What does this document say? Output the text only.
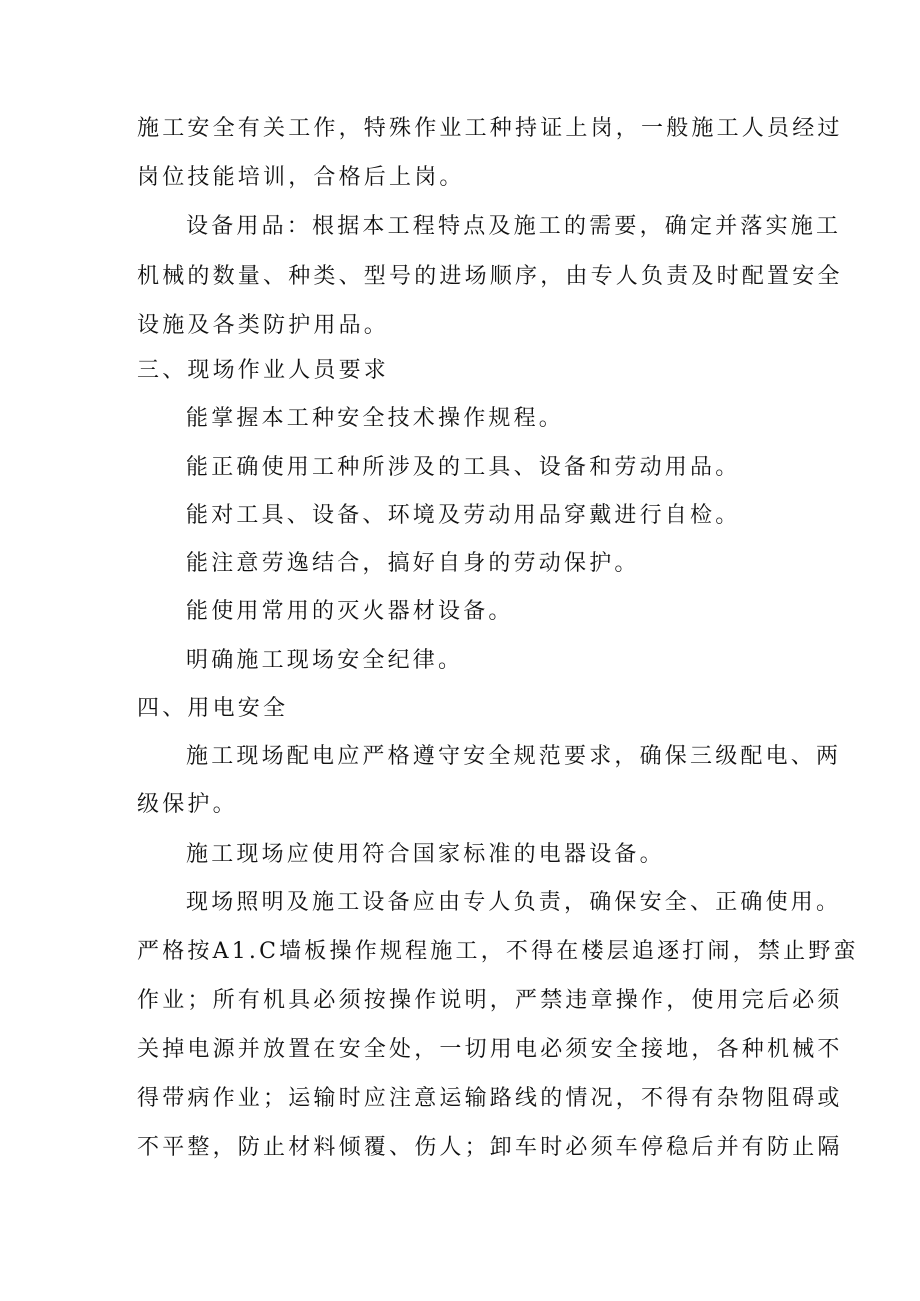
施工安全有关工作，特殊作业工种持证上岗，一般施工人员经过
岗位技能培训，合格后上岗。
设备用品：根据本工程特点及施工的需要，确定并落实施工
机械的数量、种类、型号的进场顺序，由专人负责及时配置安全
设施及各类防护用品。
三、现场作业人员要求
能掌握本工种安全技术操作规程。
能正确使用工种所涉及的工具、设备和劳动用品。
能对工具、设备、环境及劳动用品穿戴进行自检。
能注意劳逸结合，搞好自身的劳动保护。
能使用常用的灭火器材设备。
明确施工现场安全纪律。
四、用电安全
施工现场配电应严格遵守安全规范要求，确保三级配电、两
级保护。
施工现场应使用符合国家标准的电器设备。
现场照明及施工设备应由专人负责，确保安全、正确使用。
严格按A1.C墙板操作规程施工，不得在楼层追逐打闹，禁止野蛮
作业；所有机具必须按操作说明，严禁违章操作，使用完后必须
关掉电源并放置在安全处，一切用电必须安全接地，各种机械不
得带病作业；运输时应注意运输路线的情况，不得有杂物阻碍或
不平整，防止材料倾覆、伤人；卸车时必须车停稳后并有防止隔
